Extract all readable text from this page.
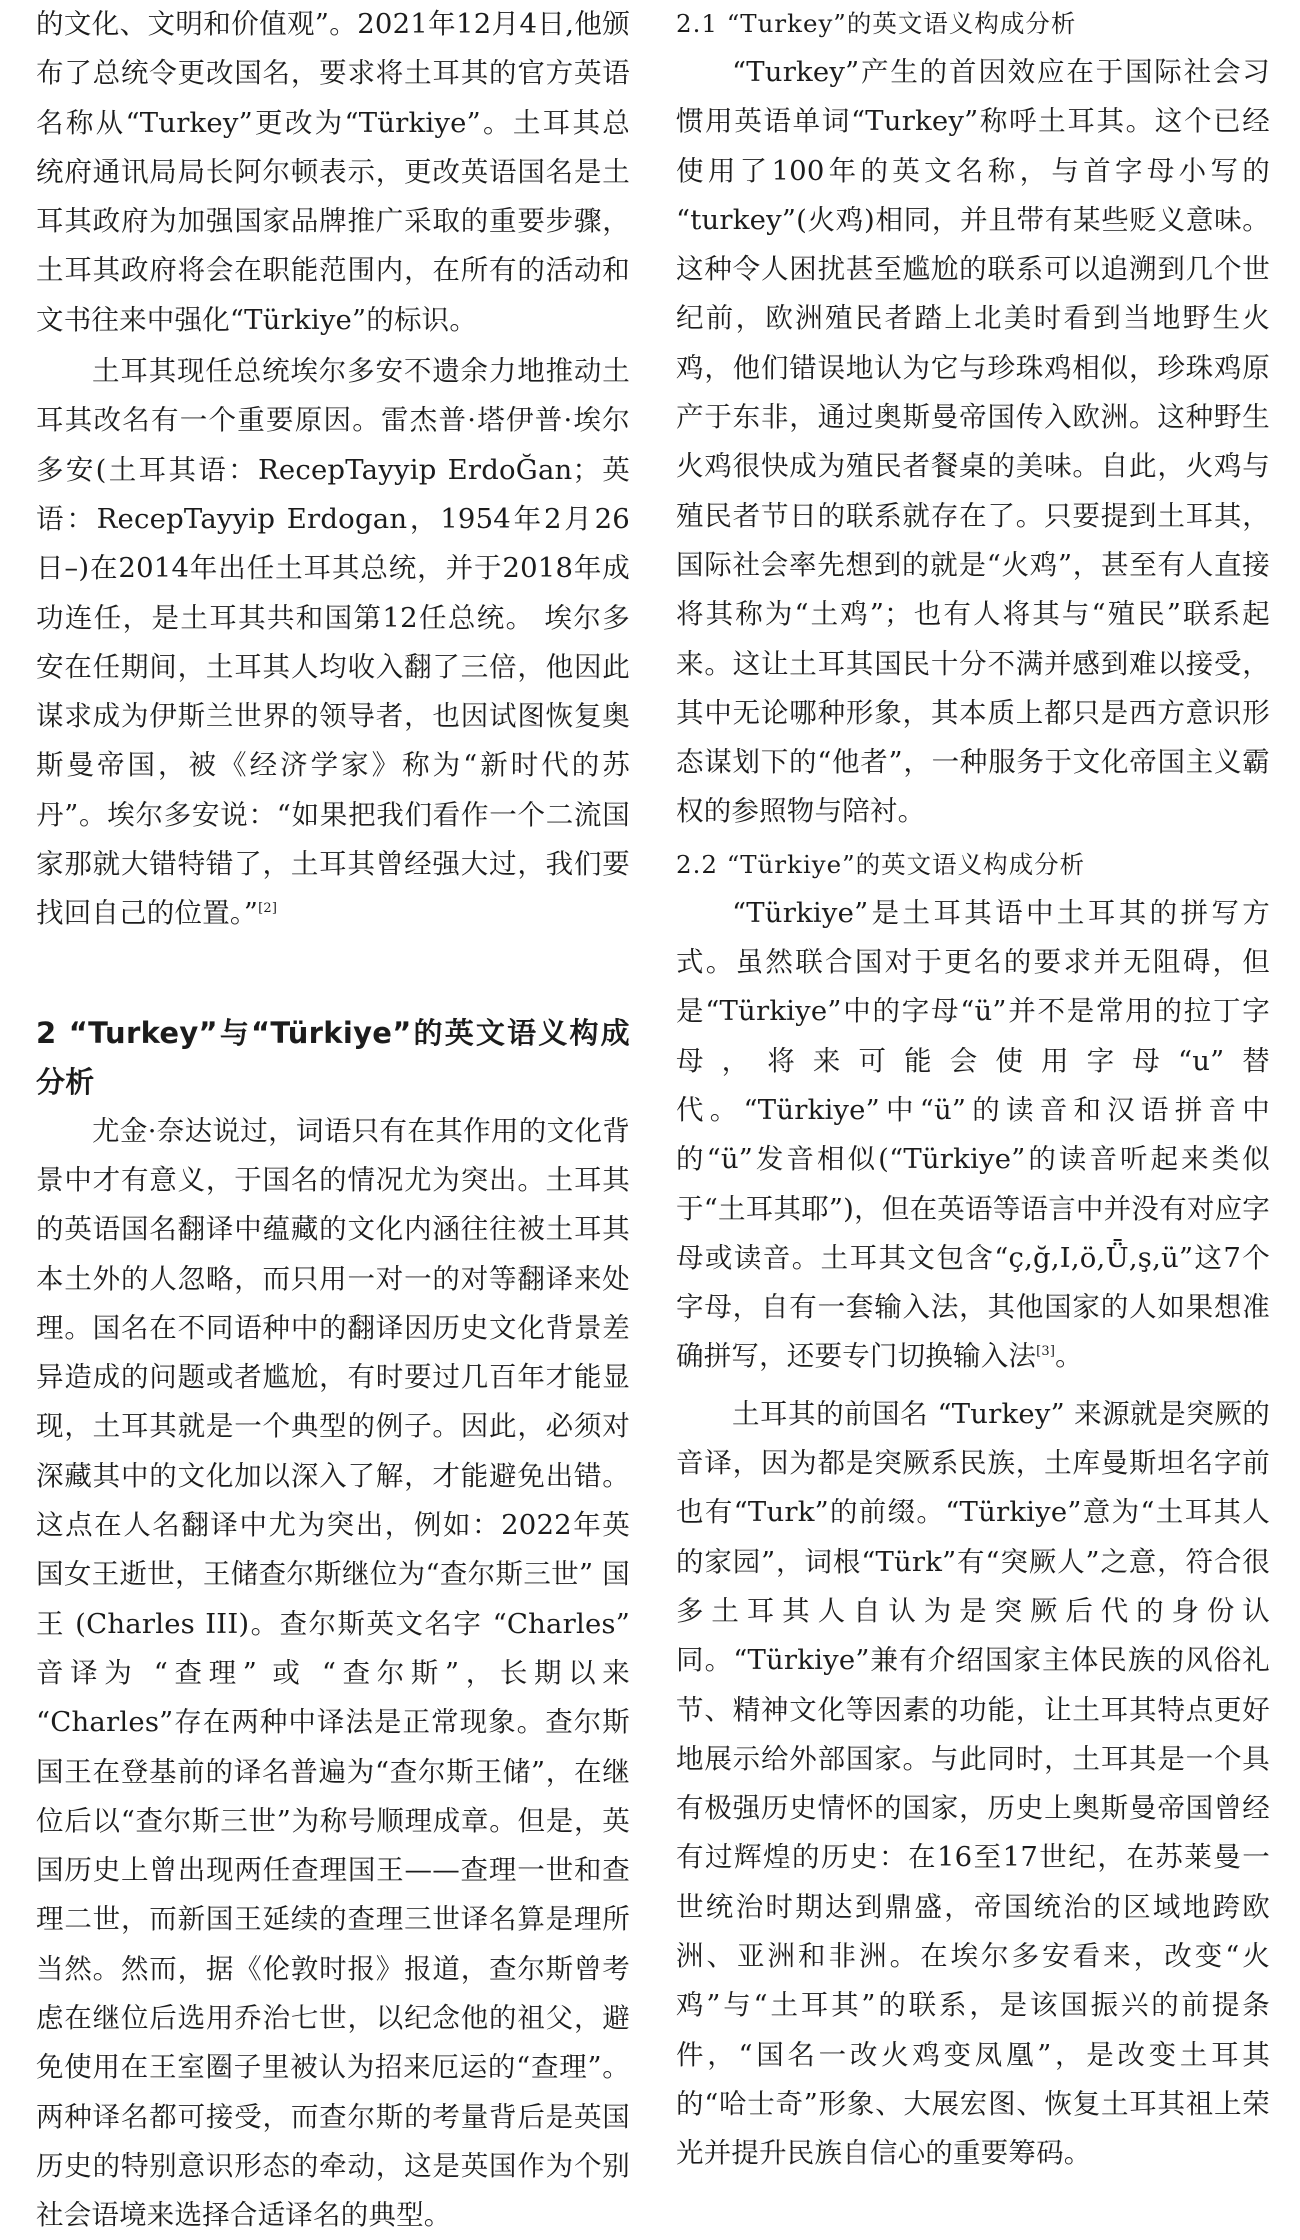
的文化、文明和价值观”。2021年12月4日,他颁布了总统令更改国名，要求将土耳其的官方英语名称从“Turkey”更改为“Türkiye”。土耳其总统府通讯局局长阿尔顿表示，更改英语国名是土耳其政府为加强国家品牌推广采取的重要步骤，土耳其政府将会在职能范围内，在所有的活动和文书往来中强化“Türkiye”的标识。

土耳其现任总统埃尔多安不遗余力地推动土耳其改名有一个重要原因。雷杰普·塔伊普·埃尔多安(土耳其语：RecepTayyip ErdoĞan；英语：RecepTayyip Erdogan，1954年2月26日–)在2014年出任土耳其总统，并于2018年成功连任，是土耳其共和国第12任总统。 埃尔多安在任期间，土耳其人均收入翻了三倍，他因此谋求成为伊斯兰世界的领导者，也因试图恢复奥斯曼帝国，被《经济学家》称为“新时代的苏丹”。埃尔多安说：“如果把我们看作一个二流国家那就大错特错了，土耳其曾经强大过，我们要找回自己的位置。”[2]

2 “Turkey”与“Türkiye”的英文语义构成分析

尤金·奈达说过，词语只有在其作用的文化背景中才有意义，于国名的情况尤为突出。土耳其的英语国名翻译中蕴藏的文化内涵往往被土耳其本土外的人忽略，而只用一对一的对等翻译来处理。国名在不同语种中的翻译因历史文化背景差异造成的问题或者尴尬，有时要过几百年才能显现，土耳其就是一个典型的例子。因此，必须对深藏其中的文化加以深入了解，才能避免出错。这点在人名翻译中尤为突出，例如：2022年英国女王逝世，王储查尔斯继位为“查尔斯三世” 国王 (Charles III)。查尔斯英文名字 “Charles” 音译为 “查理” 或 “查尔斯”，长期以来 “Charles”存在两种中译法是正常现象。查尔斯国王在登基前的译名普遍为“查尔斯王储”，在继位后以“查尔斯三世”为称号顺理成章。但是，英国历史上曾出现两任查理国王——查理一世和查理二世，而新国王延续的查理三世译名算是理所当然。然而，据《伦敦时报》报道，查尔斯曾考虑在继位后选用乔治七世，以纪念他的祖父，避免使用在王室圈子里被认为招来厄运的“查理”。两种译名都可接受，而查尔斯的考量背后是英国历史的特别意识形态的牵动，这是英国作为个别社会语境来选择合适译名的典型。

2.1 “Turkey”的英文语义构成分析

“Turkey”产生的首因效应在于国际社会习惯用英语单词“Turkey”称呼土耳其。这个已经使用了100年的英文名称，与首字母小写的 “turkey”(火鸡)相同，并且带有某些贬义意味。这种令人困扰甚至尴尬的联系可以追溯到几个世纪前，欧洲殖民者踏上北美时看到当地野生火鸡，他们错误地认为它与珍珠鸡相似，珍珠鸡原产于东非，通过奥斯曼帝国传入欧洲。这种野生火鸡很快成为殖民者餐桌的美味。自此，火鸡与殖民者节日的联系就存在了。只要提到土耳其，国际社会率先想到的就是“火鸡”，甚至有人直接将其称为“土鸡”；也有人将其与“殖民”联系起来。这让土耳其国民十分不满并感到难以接受，其中无论哪种形象，其本质上都只是西方意识形态谋划下的“他者”，一种服务于文化帝国主义霸权的参照物与陪衬。

2.2 “Türkiye”的英文语义构成分析

“Türkiye”是土耳其语中土耳其的拼写方式。虽然联合国对于更名的要求并无阻碍，但是“Türkiye”中的字母“ü”并不是常用的拉丁字母，将来可能会使用字母“u”替代。“Türkiye”中“ü”的读音和汉语拼音中的“ü”发音相似(“Türkiye”的读音听起来类似于“土耳其耶”)，但在英语等语言中并没有对应字母或读音。土耳其文包含“ç,ğ,I,ö,Ǖ,ş,ü”这7个字母，自有一套输入法，其他国家的人如果想准确拼写，还要专门切换输入法[3]。

土耳其的前国名 “Turkey” 来源就是突厥的音译，因为都是突厥系民族，土库曼斯坦名字前也有“Turk”的前缀。“Türkiye”意为“土耳其人的家园”，词根“Türk”有“突厥人”之意，符合很多土耳其人自认为是突厥后代的身份认同。“Türkiye”兼有介绍国家主体民族的风俗礼节、精神文化等因素的功能，让土耳其特点更好地展示给外部国家。与此同时，土耳其是一个具有极强历史情怀的国家，历史上奥斯曼帝国曾经有过辉煌的历史：在16至17世纪，在苏莱曼一世统治时期达到鼎盛，帝国统治的区域地跨欧洲、亚洲和非洲。在埃尔多安看来，改变“火鸡”与“土耳其”的联系，是该国振兴的前提条件，“国名一改火鸡变凤凰”，是改变土耳其的“哈士奇”形象、大展宏图、恢复土耳其祖上荣光并提升民族自信心的重要筹码。
